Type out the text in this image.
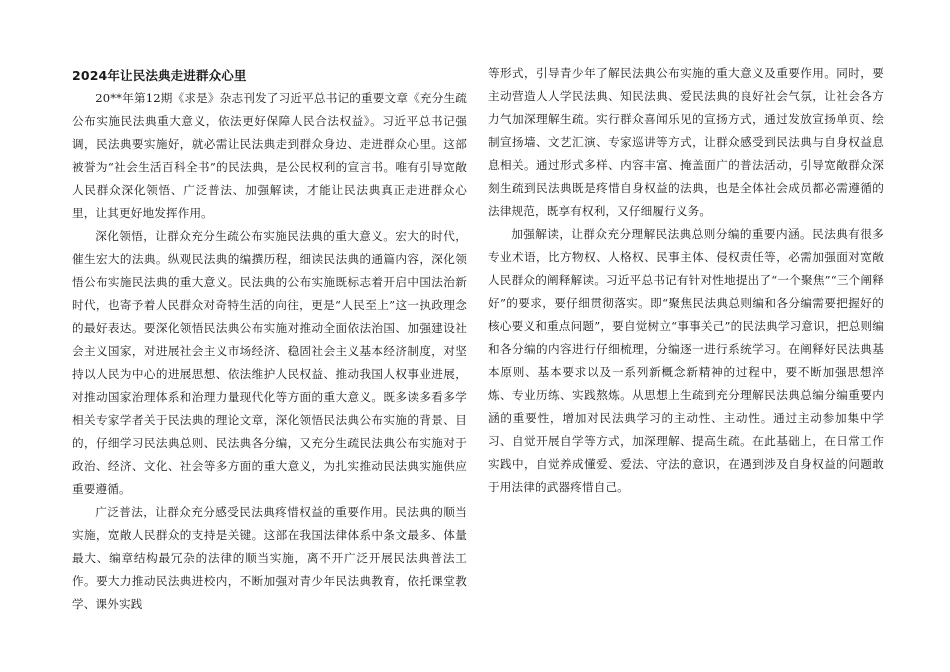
2024年让民法典走进群众心里

20**年第12期《求是》杂志刊发了习近平总书记的重要文章《充分生疏公布实施民法典重大意义，依法更好保障人民合法权益》。习近平总书记强调，民法典要实施好，就必需让民法典走到群众身边、走进群众心里。这部被誉为“社会生活百科全书”的民法典，是公民权利的宣言书。唯有引导宽敞人民群众深化领悟、广泛普法、加强解读，才能让民法典真正走进群众心里，让其更好地发挥作用。

深化领悟，让群众充分生疏公布实施民法典的重大意义。宏大的时代，催生宏大的法典。纵观民法典的编撰历程，细读民法典的通篇内容，深化领悟公布实施民法典的重大意义。民法典的公布实施既标志着开启中国法治新时代，也寄予着人民群众对奇特生活的向往，更是“人民至上”这一执政理念的最好表达。要深化领悟民法典公布实施对推动全面依法治国、加强建设社会主义国家，对进展社会主义市场经济、稳固社会主义基本经济制度，对坚持以人民为中心的进展思想、依法维护人民权益、推动我国人权事业进展，对推动国家治理体系和治理力量现代化等方面的重大意义。既多读多看多学相关专家学者关于民法典的理论文章，深化领悟民法典公布实施的背景、目的，仔细学习民法典总则、民法典各分编，又充分生疏民法典公布实施对于政治、经济、文化、社会等多方面的重大意义，为扎实推动民法典实施供应重要遵循。

广泛普法，让群众充分感受民法典疼惜权益的重要作用。民法典的顺当实施，宽敞人民群众的支持是关键。这部在我国法律体系中条文最多、体量最大、编章结构最冗杂的法律的顺当实施，离不开广泛开展民法典普法工作。要大力推动民法典进校内，不断加强对青少年民法典教育，依托课堂教学、课外实践

等形式，引导青少年了解民法典公布实施的重大意义及重要作用。同时，要主动营造人人学民法典、知民法典、爱民法典的良好社会气氛，让社会各方力气加深理解生疏。实行群众喜闻乐见的宣扬方式，通过发放宣扬单页、绘制宣扬墙、文艺汇演、专家巡讲等方式，让群众感受到民法典与自身权益息息相关。通过形式多样、内容丰富、掩盖面广的普法活动，引导宽敞群众深刻生疏到民法典既是疼惜自身权益的法典，也是全体社会成员都必需遵循的法律规范，既享有权利，又仔细履行义务。

加强解读，让群众充分理解民法典总则分编的重要内涵。民法典有很多专业术语，比方物权、人格权、民事主体、侵权责任等，必需加强面对宽敞人民群众的阐释解读。习近平总书记有针对性地提出了“一个聚焦”“三个阐释好”的要求，要仔细贯彻落实。即“聚焦民法典总则编和各分编需要把握好的核心要义和重点问题”，要自觉树立“事事关己”的民法典学习意识，把总则编和各分编的内容进行仔细梳理，分编逐一进行系统学习。在阐释好民法典基本原则、基本要求以及一系列新概念新精神的过程中，要不断加强思想淬炼、专业历练、实践熬炼。从思想上生疏到充分理解民法典总编分编重要内涵的重要性，增加对民法典学习的主动性、主动性。通过主动参加集中学习、自觉开展自学等方式，加深理解、提高生疏。在此基础上，在日常工作实践中，自觉养成懂爱、爱法、守法的意识，在遇到涉及自身权益的问题敢于用法律的武器疼惜自己。
